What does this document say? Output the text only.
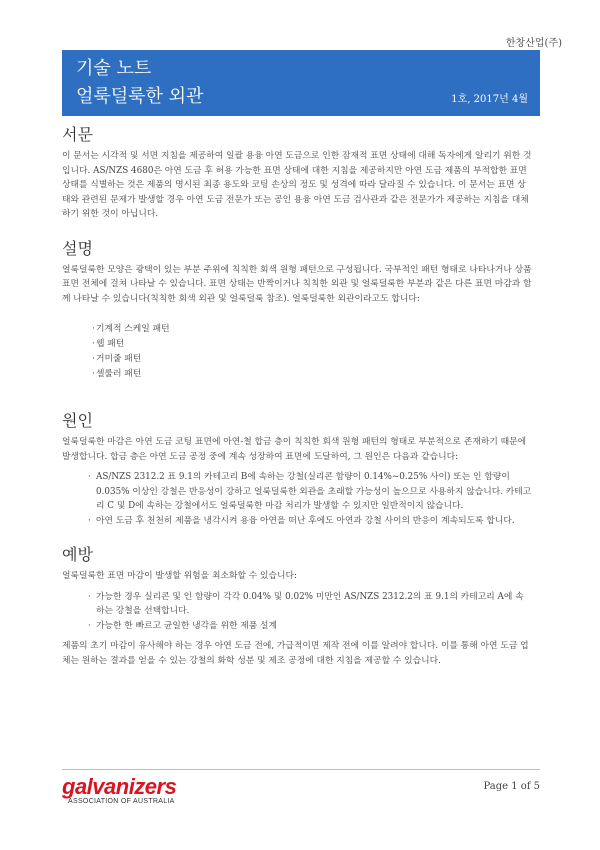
한창산업(주)
기술 노트
얼룩덜룩한 외관	1호, 2017년 4월
서문

이 문서는 시각적 및 서면 지침을 제공하여 일괄 용융 아연 도금으로 인한 잠재적 표면 상태에 대해 독자에게 알리기 위한 것입니다. AS/NZS 4680은 아연 도금 후 허용 가능한 표면 상태에 대한 지침을 제공하지만 아연 도금 제품의 부적합한 표면 상태를 식별하는 것은 제품의 명시된 최종 용도와 코팅 손상의 정도 및 성격에 따라 달라질 수 있습니다. 이 문서는 표면 상태와 관련된 문제가 발생할 경우 아연 도금 전문가 또는 공인 용융 아연 도금 검사관과 같은 전문가가 제공하는 지침을 대체하기 위한 것이 아닙니다.

설명

얼룩덜룩한 모양은 광택이 있는 부분 주위에 칙칙한 회색 원형 패턴으로 구성됩니다. 국부적인 패턴 형태로 나타나거나 상품 표면 전체에 걸쳐 나타날 수 있습니다. 표면 상태는 반짝이거나 칙칙한 외관 및 얼룩덜룩한 부분과 같은 다른 표면 마감과 함께 나타날 수 있습니다(칙칙한 회색 외관 및 얼룩덜룩 참조). 얼룩덜룩한 외관이라고도 합니다:

· 기계적 스케일 패턴
· 웹 패턴
· 거미줄 패턴
· 셀룰러 패턴
원인

얼룩덜룩한 마감은 아연 도금 코팅 표면에 아연-철 합금 층이 칙칙한 회색 원형 패턴의 형태로 부분적으로 존재하기 때문에 발생합니다. 합금 층은 아연 도금 공정 중에 계속 성장하여 표면에 도달하여, 그 원인은 다음과 같습니다:

· AS/NZS 2312.2 표 9.1의 카테고리 B에 속하는 강철(실리콘 함량이 0.14%~0.25% 사이) 또는 인 함량이 0.035% 이상인 강철은 반응성이 강하고 얼룩덜룩한 외관을 초래할 가능성이 높으므로 사용하지 않습니다. 카테고리 C 및 D에 속하는 강철에서도 얼룩덜룩한 마감 처리가 발생할 수 있지만 일반적이지 않습니다.
· 아연 도금 후 천천히 제품을 냉각시켜 용융 아연을 떠난 후에도 아연과 강철 사이의 반응이 계속되도록 합니다.
예방

얼룩덜룩한 표면 마감이 발생할 위험을 최소화할 수 있습니다:

· 가능한 경우 실리콘 및 인 함량이 각각 0.04% 및 0.02% 미만인 AS/NZS 2312.2의 표 9.1의 카테고리 A에 속하는 강철을 선택합니다.
· 가능한 한 빠르고 균일한 냉각을 위한 제품 설계

제품의 초기 마감이 유사해야 하는 경우 아연 도금 전에, 가급적이면 제작 전에 이를 알려야 합니다. 이를 통해 아연 도금 업체는 원하는 결과를 얻을 수 있는 강철의 화학 성분 및 제조 공정에 대한 지침을 제공할 수 있습니다.

galvanizers
ASSOCIATION OF AUSTRALIA
Page 1 of 5
